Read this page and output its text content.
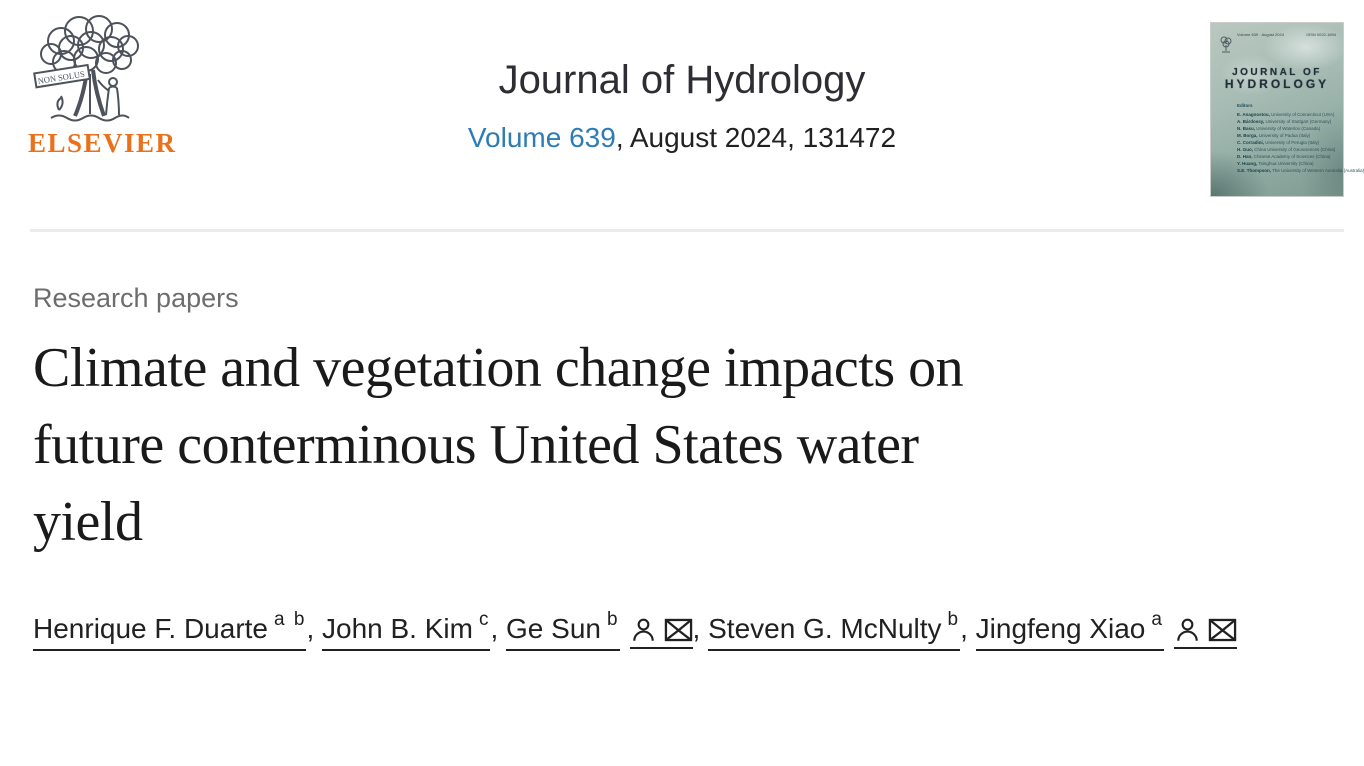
NON SOLUS
ELSEVIER
Journal of Hydrology
Volume 639, August 2024, 131472
Volume 639 · August 2024	ISSN 0022-1694
JOURNAL OF
HYDROLOGY
Editors
E. Anagnostou, University of Connecticut (USA)
A. Bárdossy, University of Stuttgart (Germany)
N. Basu, University of Waterloo (Canada)
M. Borga, University of Padua (Italy)
C. Corradini, University of Perugia (Italy)
H. Guo, China University of Geosciences (China)
D. Han, Chinese Academy of Sciences (China)
Y. Huang, Tsinghua University (China)
S.E. Thompson, The University of Western Australia (Australia)
Research papers
Climate and vegetation change impacts on
future conterminous United States water
yield

Henrique F. Duarte $^{a b}$, John B. Kim $^c$, Ge Sun $^b$	, Steven G. McNulty $^b$, Jingfeng Xiao $^a$
